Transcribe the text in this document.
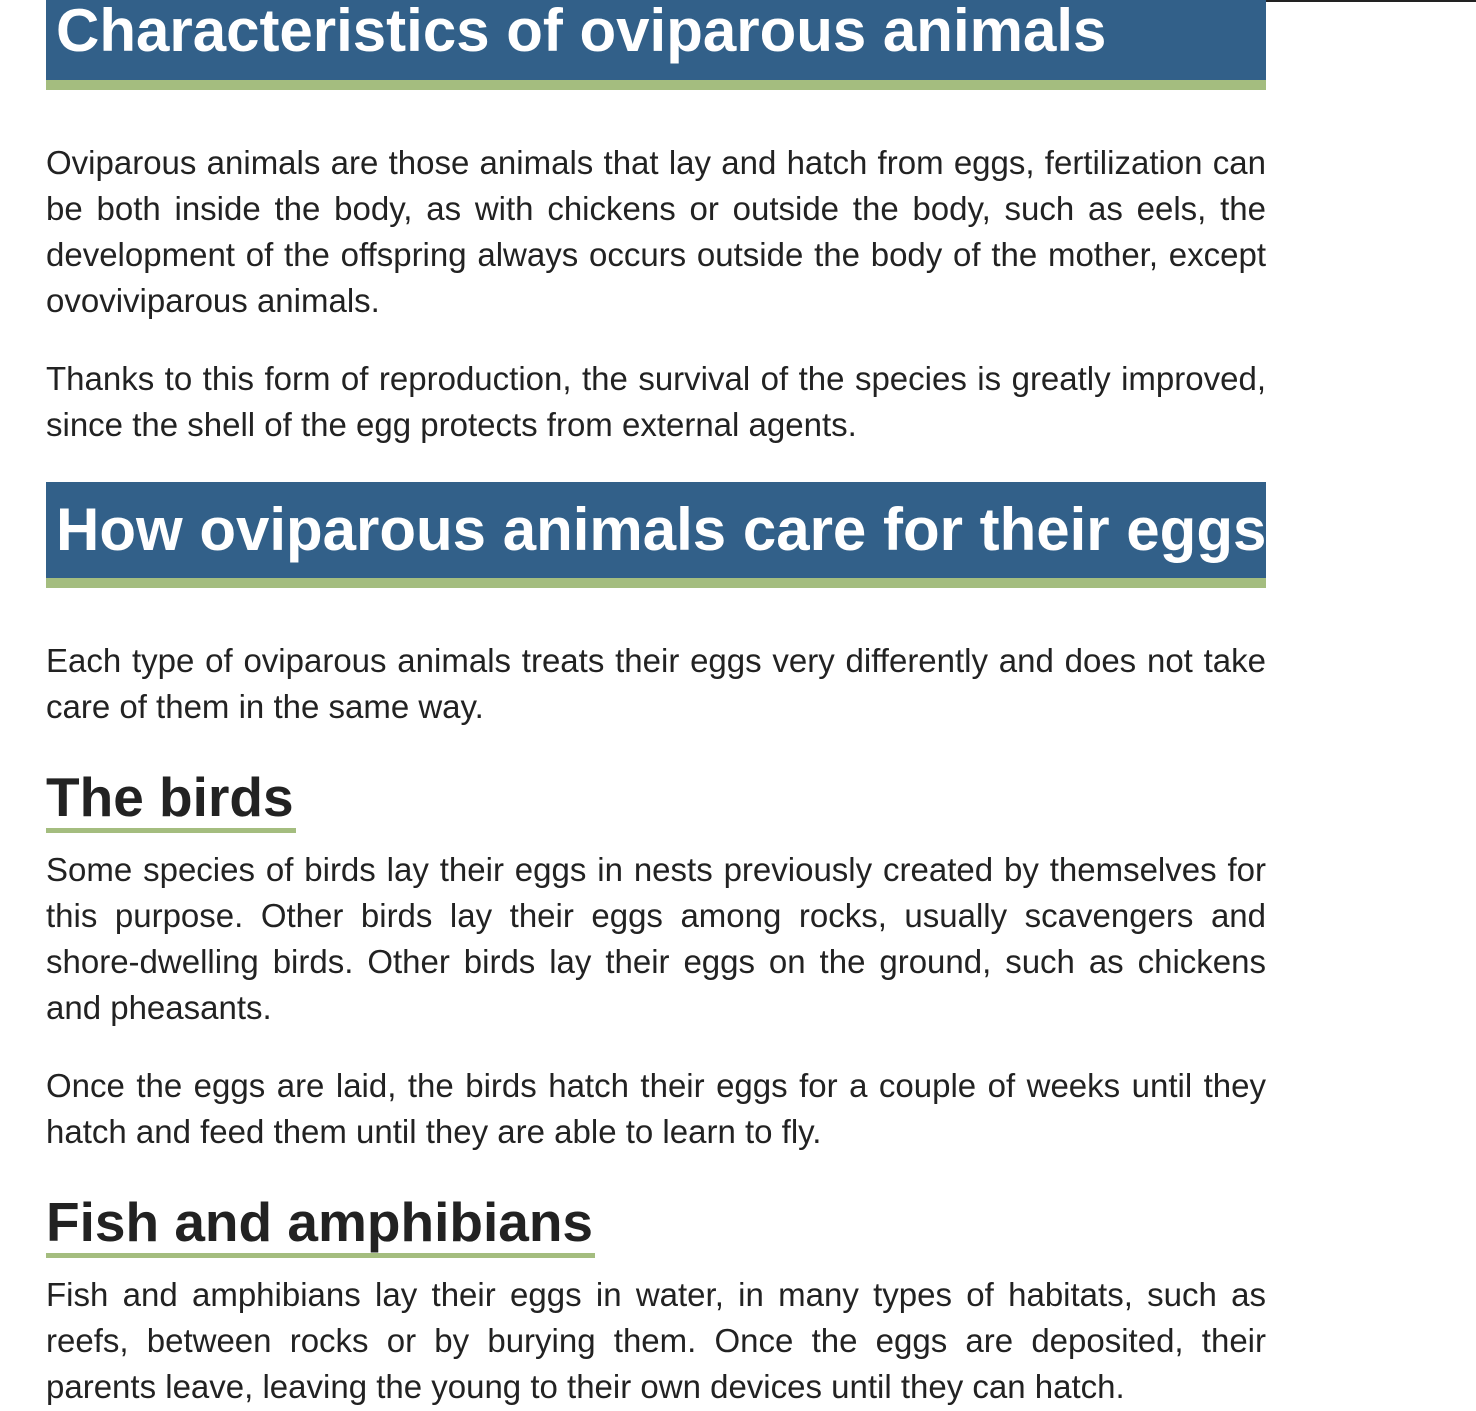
Characteristics of oviparous animals

Oviparous animals are those animals that lay and hatch from eggs, fertilization can be both inside the body, as with chickens or outside the body, such as eels, the development of the offspring always occurs outside the body of the mother, except ovoviviparous animals.

Thanks to this form of reproduction, the survival of the species is greatly improved, since the shell of the egg protects from external agents.

How oviparous animals care for their eggs

Each type of oviparous animals treats their eggs very differently and does not take care of them in the same way.

The birds

Some species of birds lay their eggs in nests previously created by themselves for this purpose. Other birds lay their eggs among rocks, usually scavengers and shore-dwelling birds. Other birds lay their eggs on the ground, such as chickens and pheasants.

Once the eggs are laid, the birds hatch their eggs for a couple of weeks until they hatch and feed them until they are able to learn to fly.

Fish and amphibians

Fish and amphibians lay their eggs in water, in many types of habitats, such as reefs, between rocks or by burying them. Once the eggs are deposited, their parents leave, leaving the young to their own devices until they can hatch.
